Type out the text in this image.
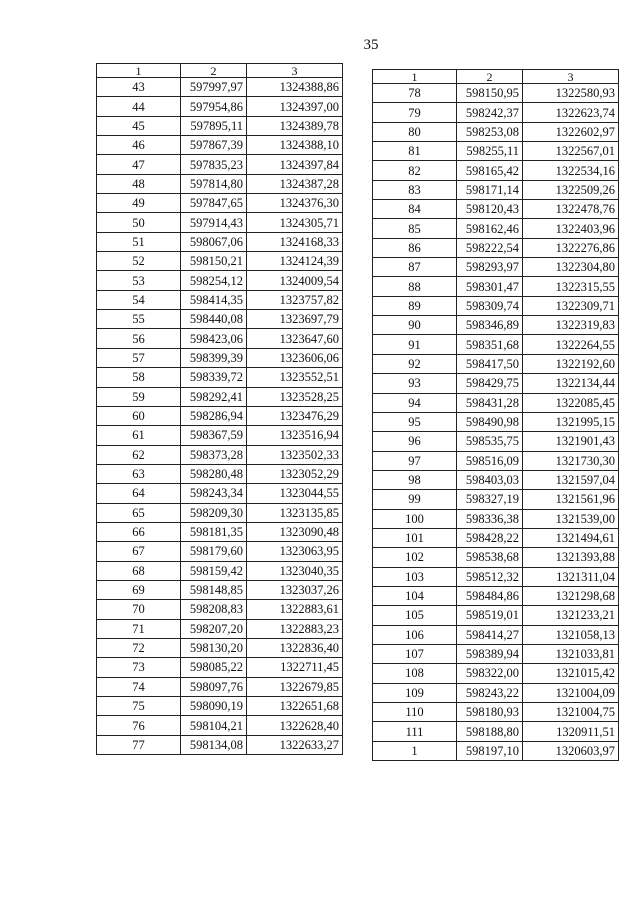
35
1	2	3
43	597997,97	1324388,86
44	597954,86	1324397,00
45	597895,11	1324389,78
46	597867,39	1324388,10
47	597835,23	1324397,84
48	597814,80	1324387,28
49	597847,65	1324376,30
50	597914,43	1324305,71
51	598067,06	1324168,33
52	598150,21	1324124,39
53	598254,12	1324009,54
54	598414,35	1323757,82
55	598440,08	1323697,79
56	598423,06	1323647,60
57	598399,39	1323606,06
58	598339,72	1323552,51
59	598292,41	1323528,25
60	598286,94	1323476,29
61	598367,59	1323516,94
62	598373,28	1323502,33
63	598280,48	1323052,29
64	598243,34	1323044,55
65	598209,30	1323135,85
66	598181,35	1323090,48
67	598179,60	1323063,95
68	598159,42	1323040,35
69	598148,85	1323037,26
70	598208,83	1322883,61
71	598207,20	1322883,23
72	598130,20	1322836,40
73	598085,22	1322711,45
74	598097,76	1322679,85
75	598090,19	1322651,68
76	598104,21	1322628,40
77	598134,08	1322633,27
1	2	3
78	598150,95	1322580,93
79	598242,37	1322623,74
80	598253,08	1322602,97
81	598255,11	1322567,01
82	598165,42	1322534,16
83	598171,14	1322509,26
84	598120,43	1322478,76
85	598162,46	1322403,96
86	598222,54	1322276,86
87	598293,97	1322304,80
88	598301,47	1322315,55
89	598309,74	1322309,71
90	598346,89	1322319,83
91	598351,68	1322264,55
92	598417,50	1322192,60
93	598429,75	1322134,44
94	598431,28	1322085,45
95	598490,98	1321995,15
96	598535,75	1321901,43
97	598516,09	1321730,30
98	598403,03	1321597,04
99	598327,19	1321561,96
100	598336,38	1321539,00
101	598428,22	1321494,61
102	598538,68	1321393,88
103	598512,32	1321311,04
104	598484,86	1321298,68
105	598519,01	1321233,21
106	598414,27	1321058,13
107	598389,94	1321033,81
108	598322,00	1321015,42
109	598243,22	1321004,09
110	598180,93	1321004,75
111	598188,80	1320911,51
1	598197,10	1320603,97
